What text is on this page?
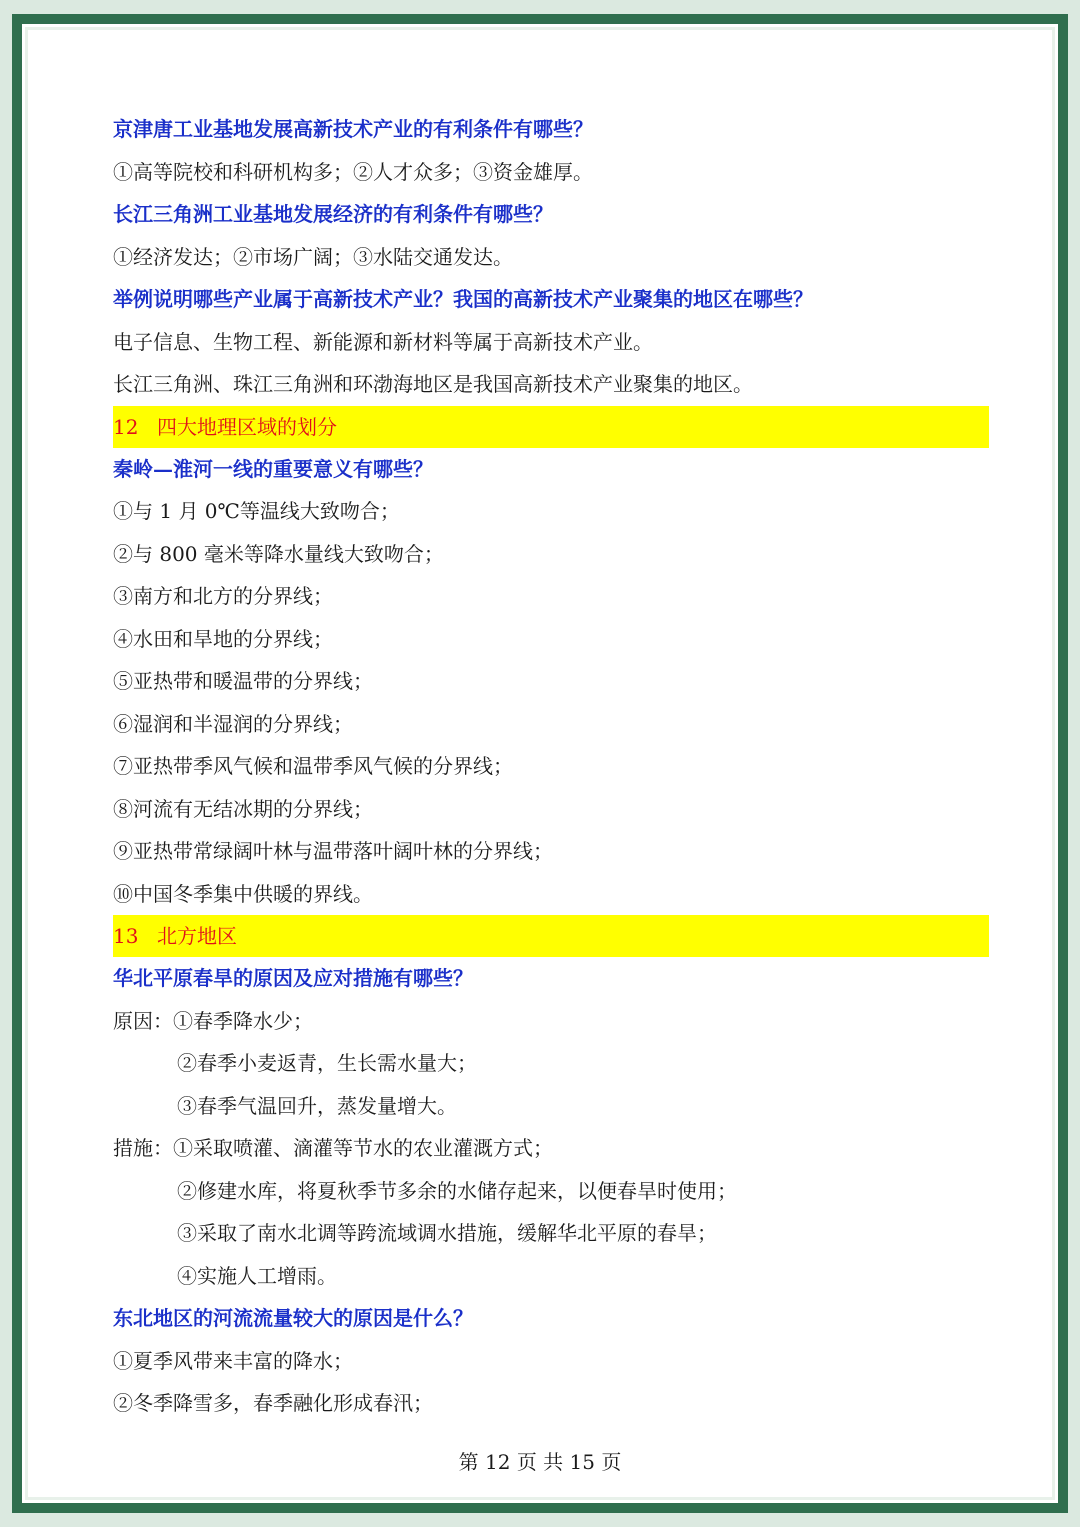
京津唐工业基地发展高新技术产业的有利条件有哪些？
①高等院校和科研机构多；②人才众多；③资金雄厚。
长江三角洲工业基地发展经济的有利条件有哪些？
①经济发达；②市场广阔；③水陆交通发达。
举例说明哪些产业属于高新技术产业？我国的高新技术产业聚集的地区在哪些？
电子信息、生物工程、新能源和新材料等属于高新技术产业。
长江三角洲、珠江三角洲和环渤海地区是我国高新技术产业聚集的地区。
12 四大地理区域的划分
秦岭—淮河一线的重要意义有哪些？
①与 1 月 0℃等温线大致吻合；
②与 800 毫米等降水量线大致吻合；
③南方和北方的分界线；
④水田和旱地的分界线；
⑤亚热带和暖温带的分界线；
⑥湿润和半湿润的分界线；
⑦亚热带季风气候和温带季风气候的分界线；
⑧河流有无结冰期的分界线；
⑨亚热带常绿阔叶林与温带落叶阔叶林的分界线；
⑩中国冬季集中供暖的界线。
13 北方地区
华北平原春旱的原因及应对措施有哪些？
原因：①春季降水少；
②春季小麦返青，生长需水量大；
③春季气温回升，蒸发量增大。
措施：①采取喷灌、滴灌等节水的农业灌溉方式；
②修建水库，将夏秋季节多余的水储存起来，以便春旱时使用；
③采取了南水北调等跨流域调水措施，缓解华北平原的春旱；
④实施人工增雨。
东北地区的河流流量较大的原因是什么？
①夏季风带来丰富的降水；
②冬季降雪多，春季融化形成春汛；
第 12 页 共 15 页
